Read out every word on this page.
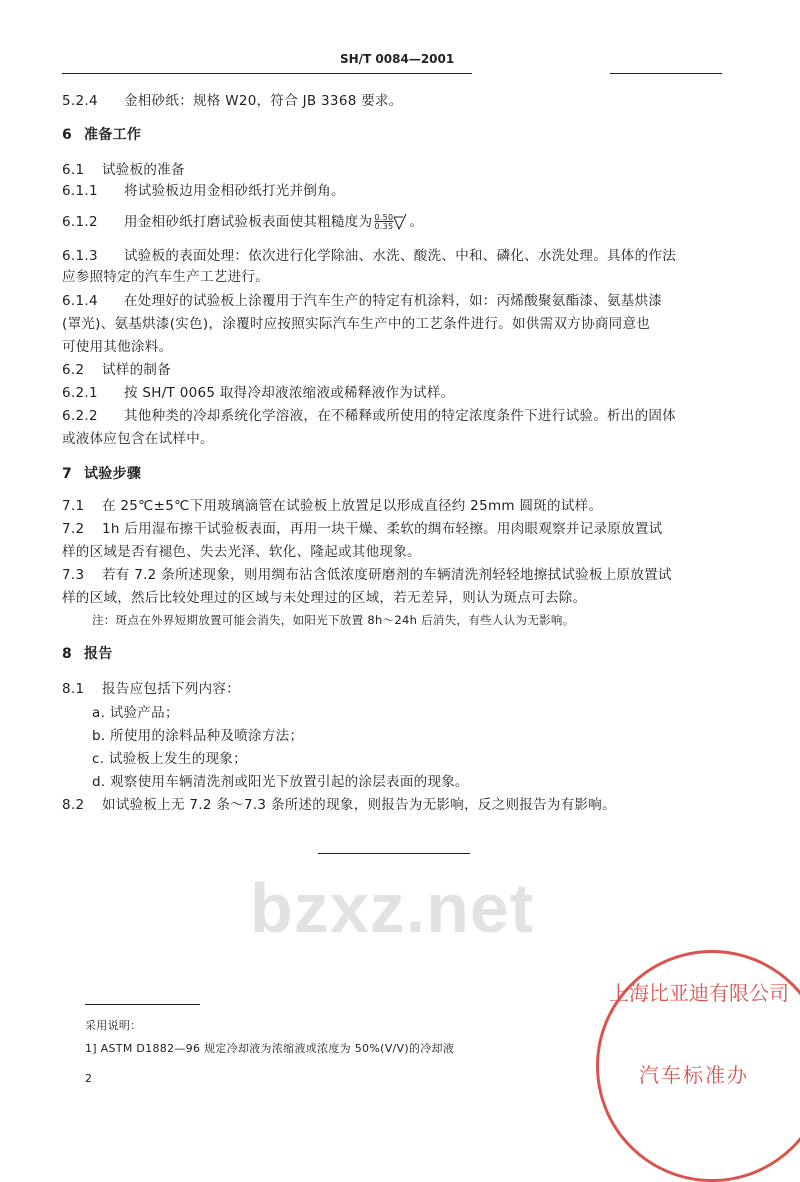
bzxz.net
SH/T 0084—2001
5.2.4 金相砂纸：规格 W20，符合 JB 3368 要求。
6 准备工作
6.1 试验板的准备
6.1.1 将试验板边用金相砂纸打光并倒角。
6.1.2 用金相砂纸打磨试验板表面使其粗糙度为 0.50
0.35 。
6.1.3 试验板的表面处理：依次进行化学除油、水洗、酸洗、中和、磷化、水洗处理。具体的作法
应参照特定的汽车生产工艺进行。
6.1.4 在处理好的试验板上涂覆用于汽车生产的特定有机涂料，如：丙烯酸聚氨酯漆、氨基烘漆
(罩光)、氨基烘漆(实色)，涂覆时应按照实际汽车生产中的工艺条件进行。如供需双方协商同意也
可使用其他涂料。
6.2 试样的制备
6.2.1 按 SH/T 0065 取得冷却液浓缩液或稀释液作为试样。
6.2.2 其他种类的冷却系统化学溶液，在不稀释或所使用的特定浓度条件下进行试验。析出的固体
或液体应包含在试样中。
7 试验步骤
7.1 在 25℃±5℃下用玻璃滴管在试验板上放置足以形成直径约 25mm 圆斑的试样。
7.2 1h 后用湿布擦干试验板表面，再用一块干燥、柔软的绸布轻擦。用肉眼观察并记录原放置试
样的区域是否有褪色、失去光泽、软化、隆起或其他现象。
7.3 若有 7.2 条所述现象，则用绸布沾含低浓度研磨剂的车辆清洗剂轻轻地擦拭试验板上原放置试
样的区域，然后比较处理过的区域与未处理过的区域，若无差异，则认为斑点可去除。
注：斑点在外界短期放置可能会消失，如阳光下放置 8h～24h 后消失，有些人认为无影响。
8 报告
8.1 报告应包括下列内容：
a. 试验产品；
b. 所使用的涂料品种及喷涂方法；
c. 试验板上发生的现象；
d. 观察使用车辆清洗剂或阳光下放置引起的涂层表面的现象。
8.2 如试验板上无 7.2 条～7.3 条所述的现象，则报告为无影响，反之则报告为有影响。
采用说明：
1] ASTM D1882—96 规定冷却液为浓缩液或浓度为 50%(V/V)的冷却液
2
上海比亚迪有限公司
汽车标准办
